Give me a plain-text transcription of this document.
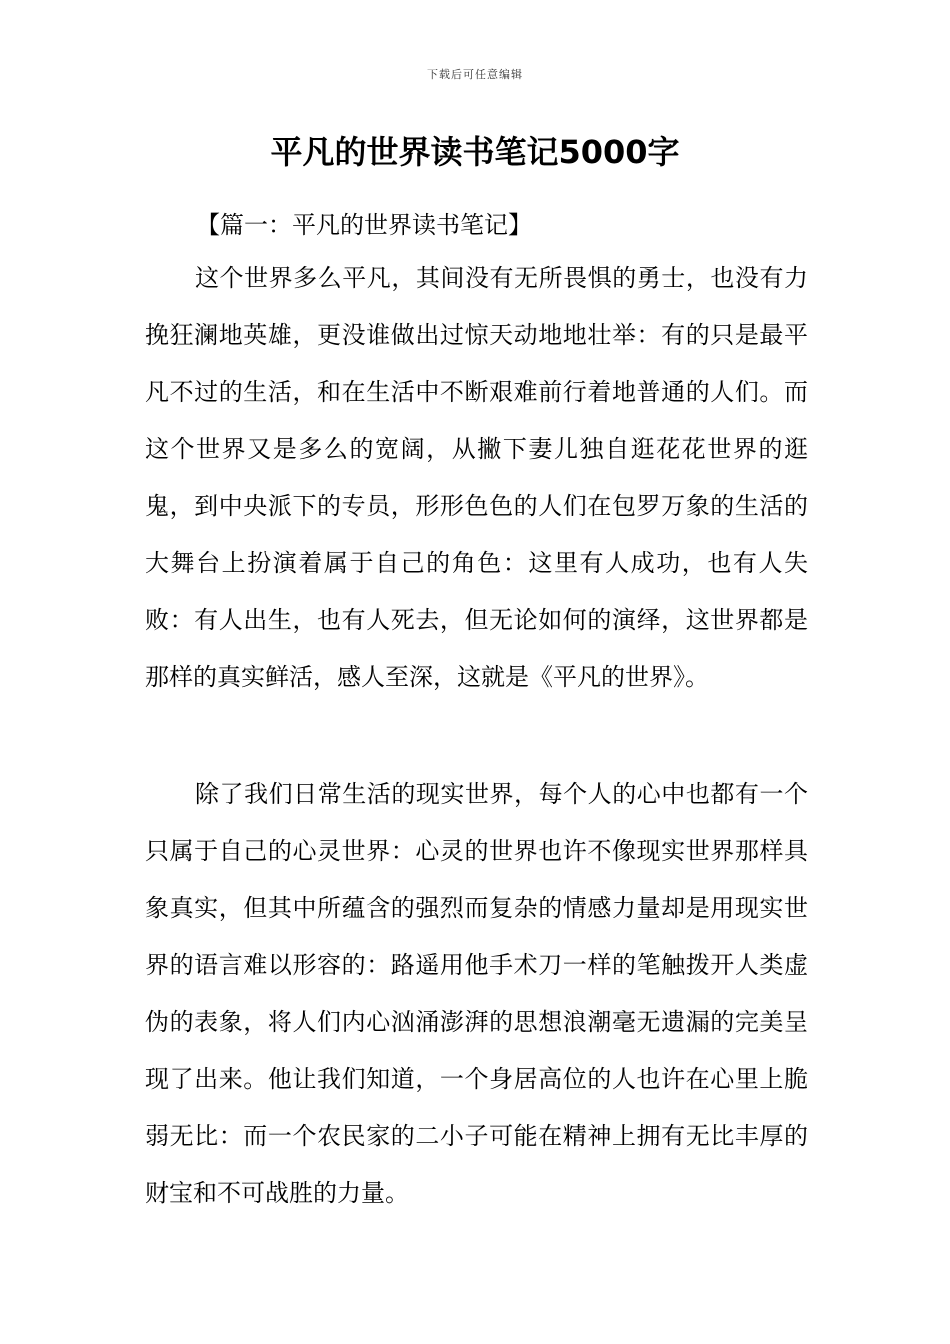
下载后可任意编辑
平凡的世界读书笔记5000字
【篇一：平凡的世界读书笔记】

这个世界多么平凡，其间没有无所畏惧的勇士，也没有力挽狂澜地英雄，更没谁做出过惊天动地地壮举：有的只是最平凡不过的生活，和在生活中不断艰难前行着地普通的人们。而这个世界又是多么的宽阔，从撇下妻儿独自逛花花世界的逛鬼，到中央派下的专员，形形色色的人们在包罗万象的生活的大舞台上扮演着属于自己的角色：这里有人成功，也有人失败：有人出生，也有人死去，但无论如何的演绎，这世界都是那样的真实鲜活，感人至深，这就是《平凡的世界》。

除了我们日常生活的现实世界，每个人的心中也都有一个只属于自己的心灵世界：心灵的世界也许不像现实世界那样具象真实，但其中所蕴含的强烈而复杂的情感力量却是用现实世界的语言难以形容的：路遥用他手术刀一样的笔触拨开人类虚伪的表象，将人们内心汹涌澎湃的思想浪潮毫无遗漏的完美呈现了出来。他让我们知道，一个身居高位的人也许在心里上脆弱无比：而一个农民家的二小子可能在精神上拥有无比丰厚的财宝和不可战胜的力量。
